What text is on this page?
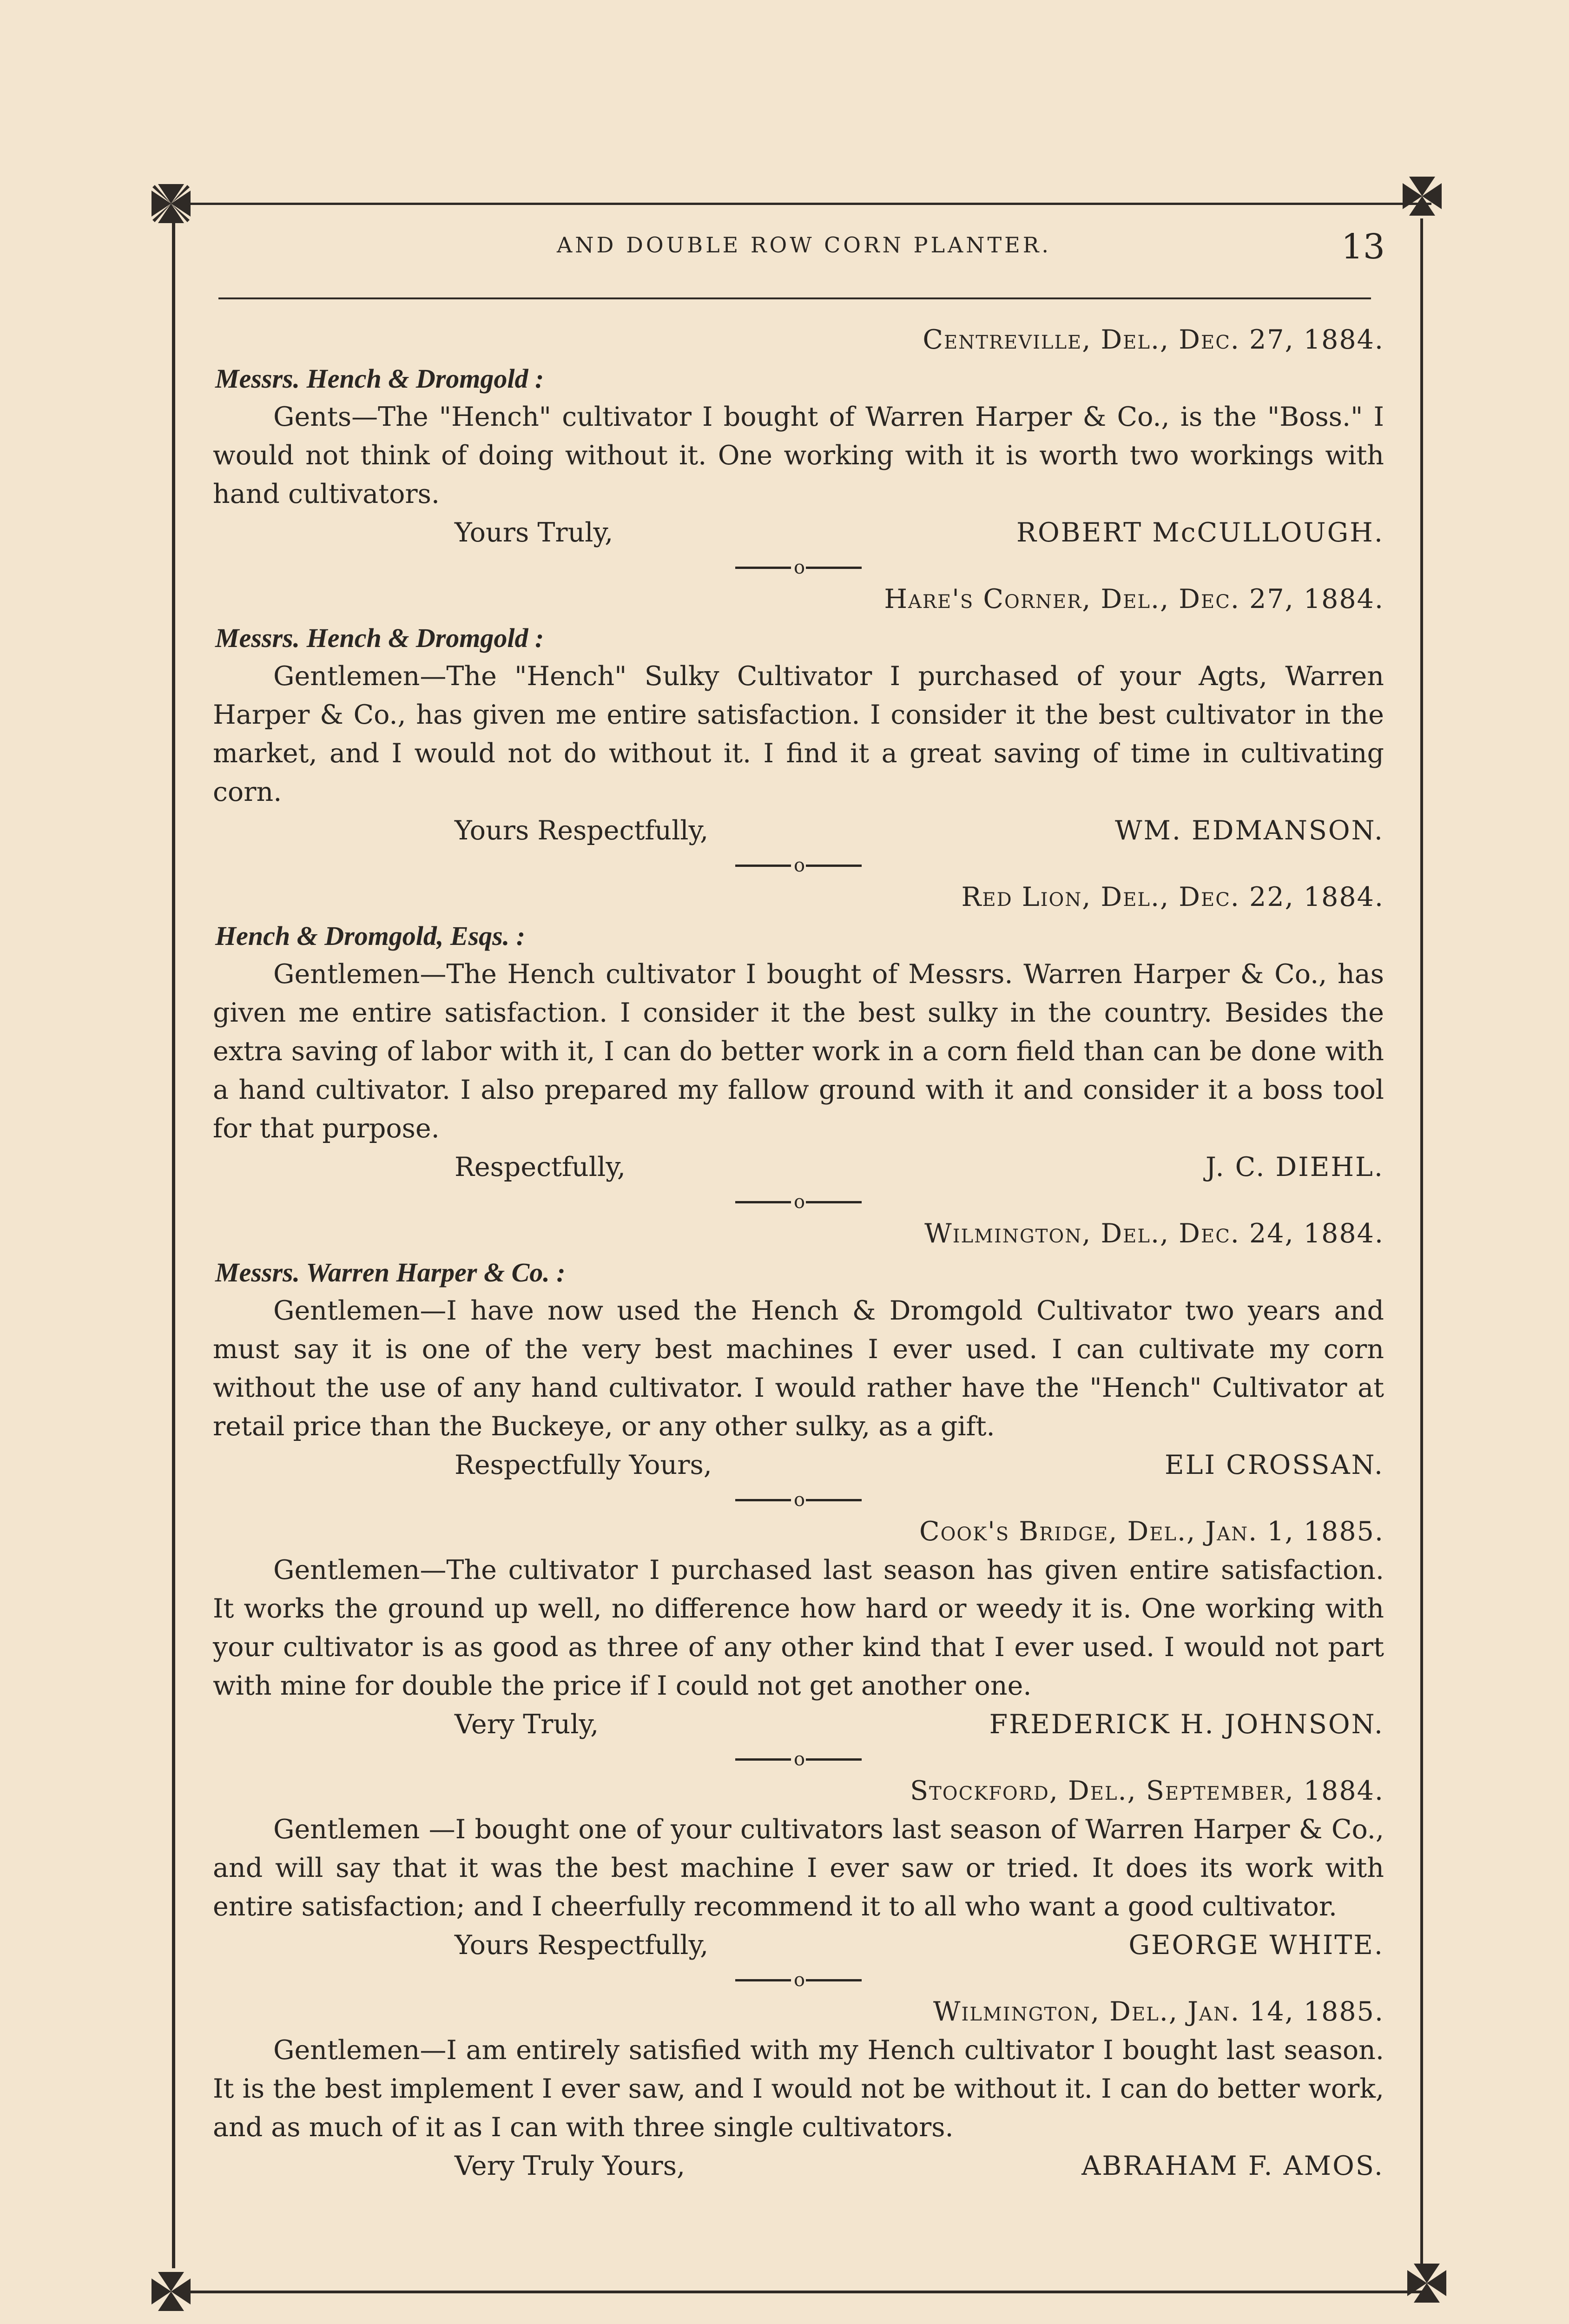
AND DOUBLE ROW CORN PLANTER.	13
Centreville, Del., Dec. 27, 1884.
Messrs. Hench & Dromgold :
Gents—The "Hench" cultivator I bought of Warren Harper & Co., is the "Boss." I would not think of doing without it. One working with it is worth two workings with hand cultivators.
Yours Truly,	ROBERT McCULLOUGH.
o
Hare's Corner, Del., Dec. 27, 1884.
Messrs. Hench & Dromgold :
Gentlemen—The "Hench" Sulky Cultivator I purchased of your Agts, Warren Harper & Co., has given me entire satisfaction. I consider it the best cultivator in the market, and I would not do without it. I find it a great saving of time in cultivating corn.
Yours Respectfully,	WM. EDMANSON.
o
Red Lion, Del., Dec. 22, 1884.
Hench & Dromgold, Esqs. :
Gentlemen—The Hench cultivator I bought of Messrs. Warren Harper & Co., has given me entire satisfaction. I consider it the best sulky in the country. Besides the extra saving of labor with it, I can do better work in a corn field than can be done with a hand cultivator. I also prepared my fallow ground with it and consider it a boss tool for that purpose.
Respectfully,	J. C. DIEHL.
o
Wilmington, Del., Dec. 24, 1884.
Messrs. Warren Harper & Co. :
Gentlemen—I have now used the Hench & Dromgold Cultivator two years and must say it is one of the very best machines I ever used. I can cultivate my corn without the use of any hand cultivator. I would rather have the "Hench" Cultivator at retail price than the Buckeye, or any other sulky, as a gift.
Respectfully Yours,	ELI CROSSAN.
o
Cook's Bridge, Del., Jan. 1, 1885.
Gentlemen—The cultivator I purchased last season has given entire satisfaction. It works the ground up well, no difference how hard or weedy it is. One working with your cultivator is as good as three of any other kind that I ever used. I would not part with mine for double the price if I could not get another one.
Very Truly,	FREDERICK H. JOHNSON.
o
Stockford, Del., September, 1884.
Gentlemen —I bought one of your cultivators last season of Warren Harper & Co., and will say that it was the best machine I ever saw or tried. It does its work with entire satisfaction; and I cheerfully recommend it to all who want a good cultivator.
Yours Respectfully,	GEORGE WHITE.
o
Wilmington, Del., Jan. 14, 1885.
Gentlemen—I am entirely satisfied with my Hench cultivator I bought last season. It is the best implement I ever saw, and I would not be without it. I can do better work, and as much of it as I can with three single cultivators.
Very Truly Yours,	ABRAHAM F. AMOS.
